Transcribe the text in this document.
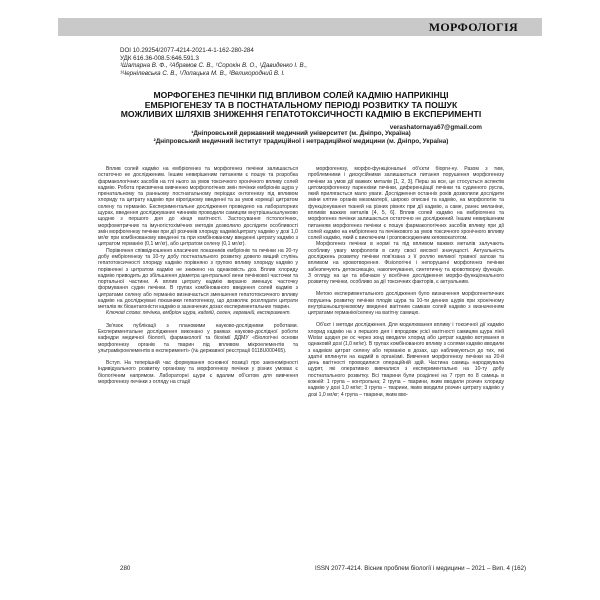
МОРФОЛОГІЯ
DOI 10.29254/2077-4214-2021-4-1-162-280-284
УДК 616.36-008.5:646.591.3
¹Шатарна В. Ф., ²Абрамов С. В., ¹Сорокін В. О., ¹Давиденко І. В.,
¹Чернілевська С. В., ¹Лопацька М. В., ²Великородний В. І.
МОРФОГЕНЕЗ ПЕЧІНКИ ПІД ВПЛИВОМ СОЛЕЙ КАДМІЮ НАПРИКІНЦІ ЕМБРІОГЕНЕЗУ ТА В ПОСТНАТАЛЬНОМУ ПЕРІОДІ РОЗВИТКУ ТА ПОШУК МОЖЛИВИХ ШЛЯХІВ ЗНИЖЕННЯ ГЕПАТОТОКСИЧНОСТІ КАДМІЮ В ЕКСПЕРИМЕНТІ
verashatornaya67@gmail.com
¹Дніпровський державний медичний університет (м. Дніпро, Україна)
²Дніпровський медичний інститут традиційної і нетрадиційної медицини (м. Дніпро, Україна)

Вплив солей кадмію на ембріогенез та морфогенез печінки залишається остаточно не дослідженим. Іншим невирішеним питанням є пошук та розробка фармакологічних засобів на тлі нього за умов токсичного хронічного впливу солей кадмію. Робота присвячена вивченню морфологічних змін печінки ембріонів щура у пренатальному та ранньому постнатальному періодах онтогенезу під впливом хлориду та цитрату кадмію при вірогідному введенні та за умов корекції цитратом селену та германію. Експериментальне дослідження проведено на лабораторних щурах, введення досліджуваних чинників проводили самицям внутрішньошлунково щодню з першого дня до кінця вагітності. Застосування гістологічних, морфометричних та імуногістохімічних методів дозволило дослідити особливості змін морфогенезу печінки при дії розчинів хлориду кадмію/цитрату кадмію у дозі 1,0 мг/кг при комбінованому введенні та при комбінованому введенні цитрату кадмію з цитратом германію (0,1 мг/кг), або цитратом селену (0,1 мг/кг).

Порівняння співвідношення класичних показників ембріонів та печінки на 20-ту добу ембріогенезу та 10-ту добу постнатального розвитку довело вищий ступінь гепатотоксичності хлориду кадмію порівняно з групою впливу хлориду кадмію у порівнянні з цитратом кадмію не знижено на однаковість доз. Вплив хлориду кадмію приводить до збільшення діаметра центральної вени печінкової часточки та портальної частини. А вплив цитрату кадмію виразно зменшує часточку формування судин печінки. В групах комбінованого введення солей кадмію з цитратами селену або германію визначається зменшення гепатотоксичного впливу кадмію на досліджувані показники гепатогенезу, що дозволяє розглядати цитрати металів як біоантагоністи кадмію в зазначених дозах експериментальних тварин.

Ключові слова: печінка, ембріон щура, кадмій, селен, германій, експеримент.

Зв'язок публікації з плановими науково-дослідними роботами. Експериментальне дослідження виконано у рамках науково-дослідної роботи кафедри медичної біології, фармакології та біохімії ДДМУ «Біологічні основи морфогенезу органів та тварин під впливом мікроелементів та ультрамікроелементів в експерименті» (№ державної реєстрації 0118U000465).

Вступ. На теперішній час формування основної позиції про закономірності індивідуального розвитку організму та морфогенезу печінки у різних умовах є біологічним напрямом. Лабораторні щури є вдалим об'єктом для вивчення морфогенезу печінки з огляду на стадії

морфогенезу, морфо-функціональні об'єкти біорги-ну. Разом з тим, проблемними і дискусійними залишаються питання порушення морфогенезу печінки за умов дії важких металів [1, 2, 3]. Перш за все, це стосується аспектів цитоморфогенезу паренхіми печінки, диференціації печінки та судинного русла, який прилягається мало уваги. Дослідження останніх років дозволили дослідити зміни клітин органів мезоматерії, широко описані та кадмію, на морфологію та функціонування тканей на різних рівнях при дії кадмію, а саме, раннє меланіни, впливів важких металів [4, 5, 6]. Вплив солей кадмію на ембріогенез та морфогенез печінки залишається остаточно не досліджений. Іншим невирішеним питанням морфогенез печінки є пошук фармакологічних засобів впливу при дії солей кадмію на ембріогенез та печінкового за умов токсичного хронічного впливу солей кадмію, який є виключним і розповсюдженим кеповокатотом.

Морфогенез печінки в нормі та під впливом важких металів залучають особливу увагу морфологів в силу своєї високої значущості. Актуальність досліджень розвитку печінки пов'язана з її роллю великої травної залози та впливом на кровотворення. Фізіологічні і непорушені морфогенез печінки забезпечують детоксикацію, накопичування, синтетичну та кровотворну функцію. З огляду на це та вбачаєм у всебічне дослідження морфо-функціонального розвитку печінки, особливо за дії токсичних факторів, є актуальним.

Метою експериментального дослідження було визначення морфогенетичних порушень розвитку печінки плодів щура та 10-ти денних щурів при хронічному внутрішньошлунковому введенні вагітним самкам солей кадмію з визначенням цитратами германію/селену на вагітну самицю.

Об'єкт і методи дослідження. Для моделювання впливу і токсичної дії кадмію хлорид кадмію на з першого дня і впродовж усієї вагітності самицям щура лінії Wistar щодня ре ос через зонд вводили хлорид або цитрат кадмію вотування в однаковій дозі (1,0 мг/кг). В групах комбінованого впливу з солями кадмію вводили з кадмієм цитрат селену або германію в дозах, що наближуються до тих, які здатні вплинути на кадмій в організмі. Вивчення морфогенезу печінки на 20-й день вагітності проводилися операційній здій. Частина самиць народжувала щурят, які оперативно вивчалися з експериментально на 10-ту добу постнатального розвитку. Всі тварини були розділені на 7 груп по 8 самиць в кожній: 1 група – контрольна; 2 група – тварини, яким вводили розчин хлориду кадмію у дозі 1,0 мг/кг; 3 група – тварини, яким вводили розчин цитрату кадмію у дозі 1,0 мг/кг; 4 група – тварини, яким вво-

280	ISSN 2077-4214. Вісник проблем біології і медицини – 2021 – Вип. 4 (162)
